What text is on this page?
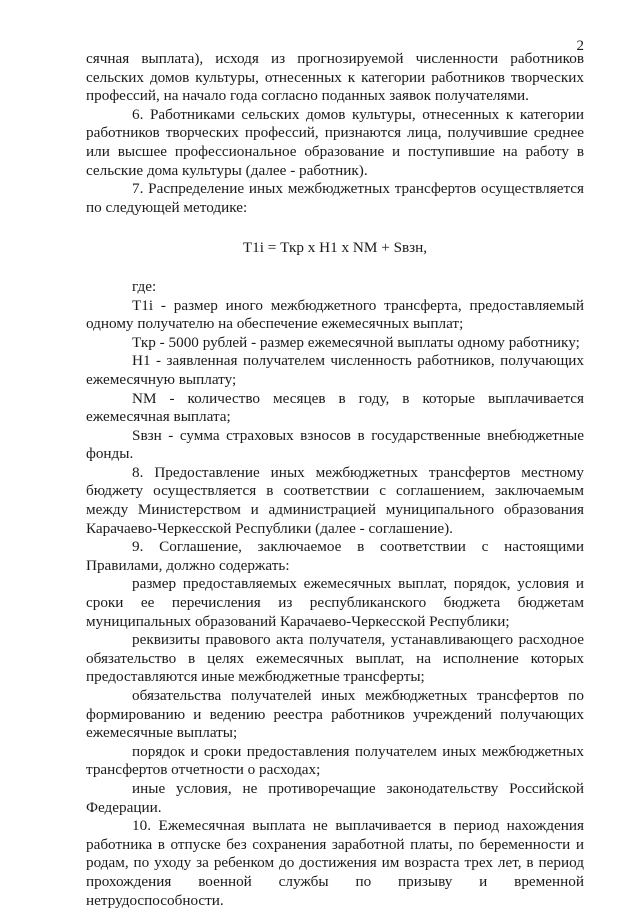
2

сячная выплата), исходя из прогнозируемой численности работников сельских домов культуры, отнесенных к категории работников творческих профессий, на начало года согласно поданных заявок получателями.

6. Работниками сельских домов культуры, отнесенных к категории работников творческих профессий, признаются лица, получившие среднее или высшее профессиональное образование и поступившие на работу в сельские дома культуры (далее - работник).

7. Распределение иных межбюджетных трансфертов осуществляется по следующей методике:

T1i = Ткр x H1 x NM + Sвзн,

где:

T1i - размер иного межбюджетного трансферта, предоставляемый одному получателю на обеспечение ежемесячных выплат;

Ткр - 5000 рублей - размер ежемесячной выплаты одному работнику;

H1 - заявленная получателем численность работников, получающих ежемесячную выплату;

NM - количество месяцев в году, в которые выплачивается ежемесячная выплата;

Sвзн - сумма страховых взносов в государственные внебюджетные фонды.

8. Предоставление иных межбюджетных трансфертов местному бюджету осуществляется в соответствии с соглашением, заключаемым между Министерством и администрацией муниципального образования Карачаево-Черкесской Республики (далее - соглашение).

9. Соглашение, заключаемое в соответствии с настоящими Правилами, должно содержать:

размер предоставляемых ежемесячных выплат, порядок, условия и сроки ее перечисления из республиканского бюджета бюджетам муниципальных образований Карачаево-Черкесской Республики;

реквизиты правового акта получателя, устанавливающего расходное обязательство в целях ежемесячных выплат, на исполнение которых предоставляются иные межбюджетные трансферты;

обязательства получателей иных межбюджетных трансфертов по формированию и ведению реестра работников учреждений получающих ежемесячные выплаты;

порядок и сроки предоставления получателем иных межбюджетных трансфертов отчетности о расходах;

иные условия, не противоречащие законодательству Российской Федерации.

10. Ежемесячная выплата не выплачивается в период нахождения работника в отпуске без сохранения заработной платы, по беременности и родам, по уходу за ребенком до достижения им возраста трех лет, в период прохождения военной службы по призыву и временной нетрудоспособности.
